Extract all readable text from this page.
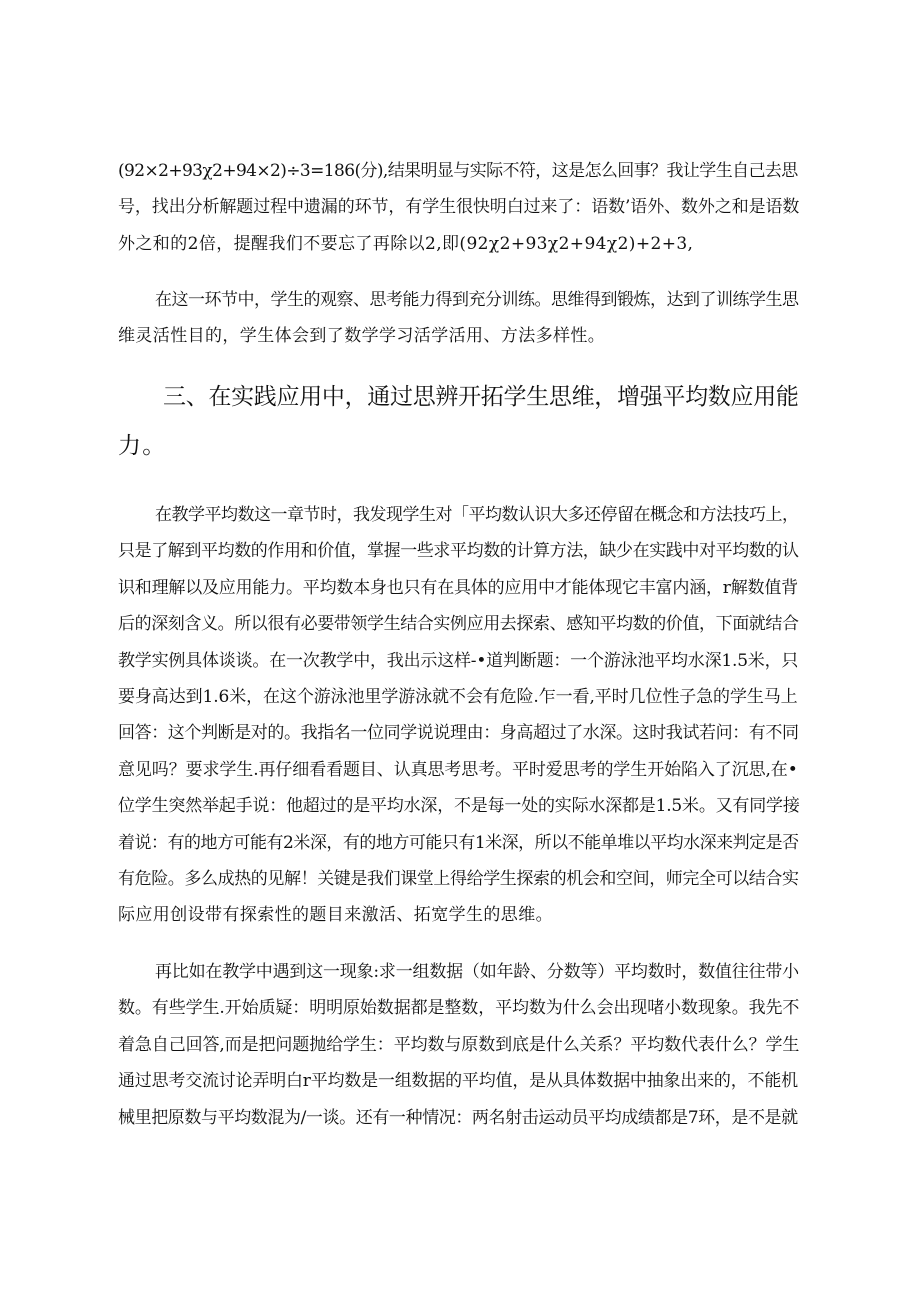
(92×2+93χ2+94×2)÷3=186(分),结果明显与实际不符，这是怎么回事？我让学生自己去思
号，找出分析解题过程中遗漏的环节，有学生很快明白过来了：语数’语外、数外之和是语数
外之和的2倍，提醒我们不要忘了再除以2,即(92χ2+93χ2+94χ2)+2+3,
在这一环节中，学生的观察、思考能力得到充分训练。思维得到锻炼，达到了训练学生思
维灵活性目的，学生体会到了数学学习活学活用、方法多样性。
三、在实践应用中，通过思辨开拓学生思维，增强平均数应用能
力。
在教学平均数这一章节时，我发现学生对「平均数认识大多还停留在概念和方法技巧上，
只是了解到平均数的作用和价值，掌握一些求平均数的计算方法，缺少在实践中对平均数的认
识和理解以及应用能力。平均数本身也只有在具体的应用中才能体现它丰富内涵，r解数值背
后的深刻含义。所以很有必要带领学生结合实例应用去探索、感知平均数的价值，下面就结合
教学实例具体谈谈。在一次教学中，我出示这样-•道判断题：一个游泳池平均水深1.5米，只
要身高达到1.6米，在这个游泳池里学游泳就不会有危险.乍一看,平时几位性子急的学生马上
回答：这个判断是对的。我指名一位同学说说理由：身高超过了水深。这时我试若问：有不同
意见吗？要求学生.再仔细看看题目、认真思考思考。平时爱思考的学生开始陷入了沉思,在•
位学生突然举起手说：他超过的是平均水深，不是每一处的实际水深都是1.5米。又有同学接
着说：有的地方可能有2米深，有的地方可能只有1米深，所以不能单堆以平均水深来判定是否
有危险。多么成热的见解！关键是我们课堂上得给学生探索的机会和空间，师完全可以结合实
际应用创设带有探索性的题目来激活、拓宽学生的思维。
再比如在教学中遇到这一现象:求一组数据（如年龄、分数等）平均数时，数值往往带小
数。有些学生.开始质疑：明明原始数据都是整数，平均数为什么会出现啫小数现象。我先不
着急自己回答,而是把问题抛给学生：平均数与原数到底是什么关系？平均数代表什么？学生
通过思考交流讨论弄明白r平均数是一组数据的平均值，是从具体数据中抽象出来的，不能机
械里把原数与平均数混为/一谈。还有一种情况：两名射击运动员平均成绩都是7环，是不是就
